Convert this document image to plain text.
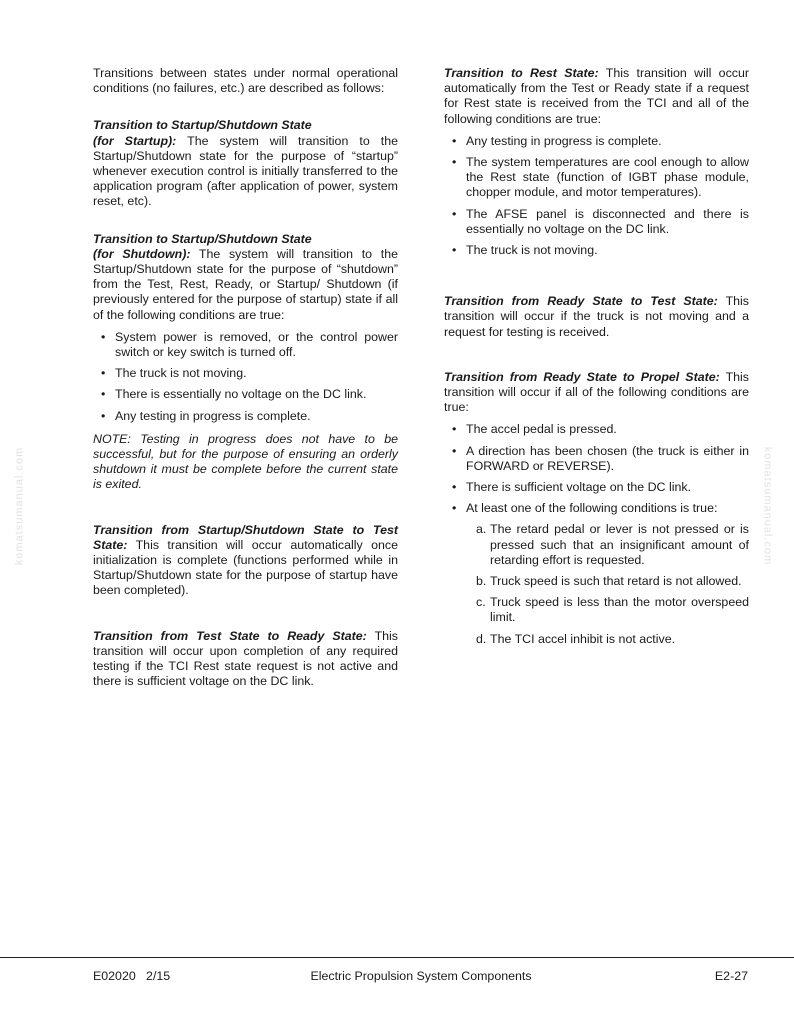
komatsumanual.com	komatsumanual.com

Transitions between states under normal operational conditions (no failures, etc.) are described as follows:

Transition to Startup/Shutdown State

(for Startup): The system will transition to the Startup/Shutdown state for the purpose of “startup” whenever execution control is initially transferred to the application program (after application of power, system reset, etc).

Transition to Startup/Shutdown State

(for Shutdown): The system will transition to the Startup/Shutdown state for the purpose of “shutdown” from the Test, Rest, Ready, or Startup/ Shutdown (if previously entered for the purpose of startup) state if all of the following conditions are true:

• System power is removed, or the control power switch or key switch is turned off.
• The truck is not moving.
• There is essentially no voltage on the DC link.
• Any testing in progress is complete.

NOTE: Testing in progress does not have to be successful, but for the purpose of ensuring an orderly shutdown it must be complete before the current state is exited.

Transition from Startup/Shutdown State to Test State: This transition will occur automatically once initialization is complete (functions performed while in Startup/Shutdown state for the purpose of startup have been completed).

Transition from Test State to Ready State: This transition will occur upon completion of any required testing if the TCI Rest state request is not active and there is sufficient voltage on the DC link.

Transition to Rest State: This transition will occur automatically from the Test or Ready state if a request for Rest state is received from the TCI and all of the following conditions are true:

• Any testing in progress is complete.
• The system temperatures are cool enough to allow the Rest state (function of IGBT phase module, chopper module, and motor temperatures).
• The AFSE panel is disconnected and there is essentially no voltage on the DC link.
• The truck is not moving.

Transition from Ready State to Test State: This transition will occur if the truck is not moving and a request for testing is received.

Transition from Ready State to Propel State: This transition will occur if all of the following conditions are true:

• The accel pedal is pressed.
• A direction has been chosen (the truck is either in FORWARD or REVERSE).
• There is sufficient voltage on the DC link.
• At least one of the following conditions is true:
a. The retard pedal or lever is not pressed or is pressed such that an insignificant amount of retarding effort is requested.
b. Truck speed is such that retard is not allowed.
c. Truck speed is less than the motor overspeed limit.
d. The TCI accel inhibit is not active.
E02020   2/15	Electric Propulsion System Components	E2-27
